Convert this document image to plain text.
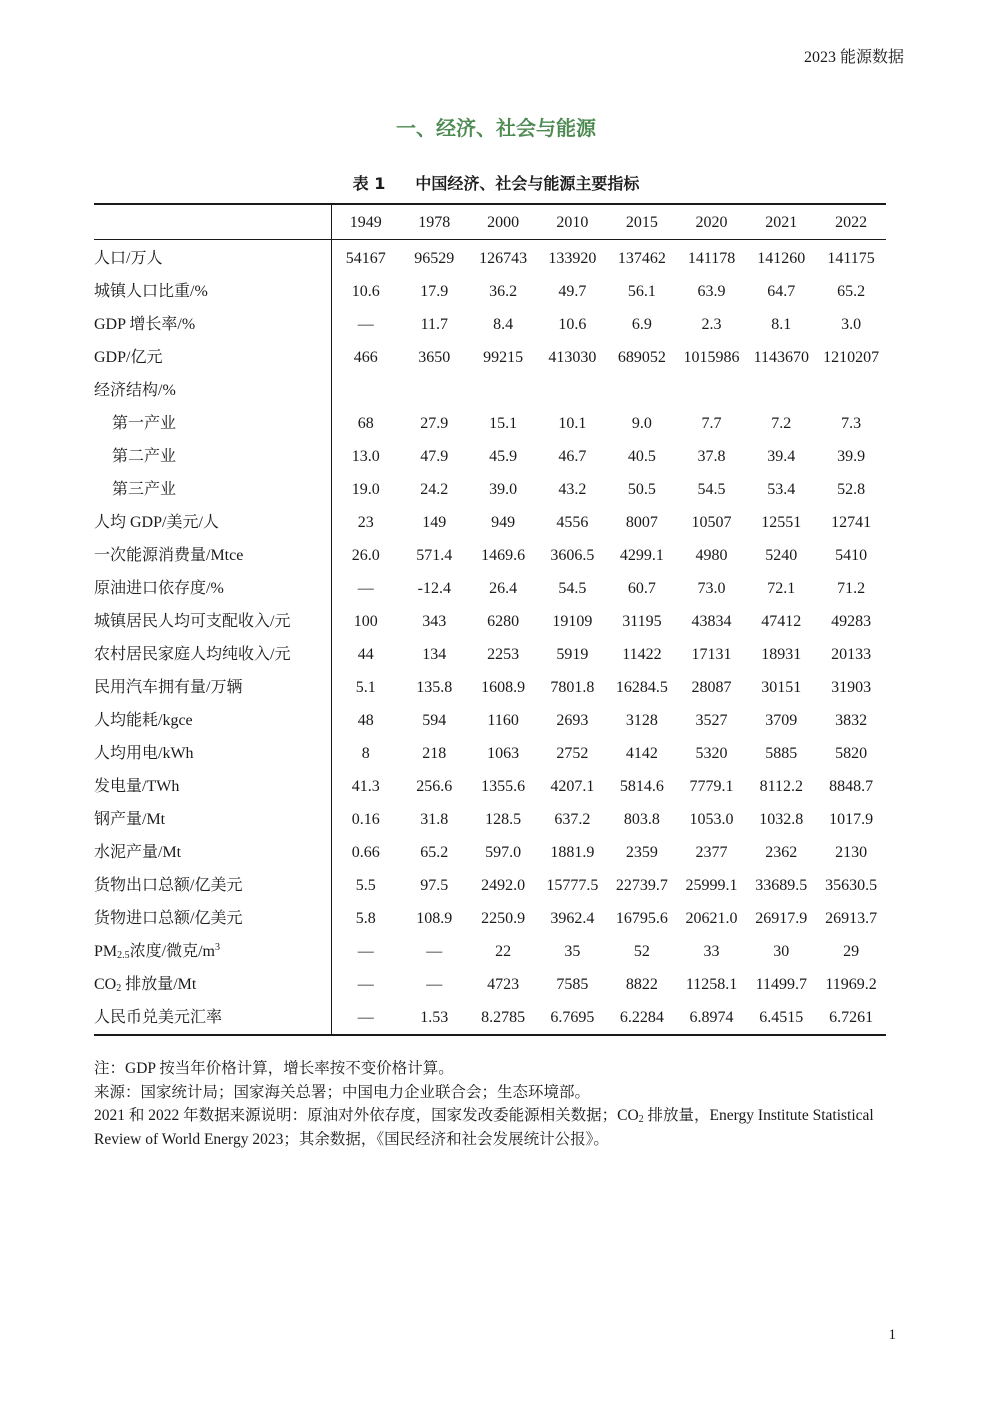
2023 能源数据
一、经济、社会与能源
表 1 中国经济、社会与能源主要指标
	1949	1978	2000	2010	2015	2020	2021	2022
人口/万人	54167	96529	126743	133920	137462	141178	141260	141175
城镇人口比重/%	10.6	17.9	36.2	49.7	56.1	63.9	64.7	65.2
GDP 增长率/%	—	11.7	8.4	10.6	6.9	2.3	8.1	3.0
GDP/亿元	466	3650	99215	413030	689052	1015986	1143670	1210207
经济结构/%								
第一产业	68	27.9	15.1	10.1	9.0	7.7	7.2	7.3
第二产业	13.0	47.9	45.9	46.7	40.5	37.8	39.4	39.9
第三产业	19.0	24.2	39.0	43.2	50.5	54.5	53.4	52.8
人均 GDP/美元/人	23	149	949	4556	8007	10507	12551	12741
一次能源消费量/Mtce	26.0	571.4	1469.6	3606.5	4299.1	4980	5240	5410
原油进口依存度/%	—	-12.4	26.4	54.5	60.7	73.0	72.1	71.2
城镇居民人均可支配收入/元	100	343	6280	19109	31195	43834	47412	49283
农村居民家庭人均纯收入/元	44	134	2253	5919	11422	17131	18931	20133
民用汽车拥有量/万辆	5.1	135.8	1608.9	7801.8	16284.5	28087	30151	31903
人均能耗/kgce	48	594	1160	2693	3128	3527	3709	3832
人均用电/kWh	8	218	1063	2752	4142	5320	5885	5820
发电量/TWh	41.3	256.6	1355.6	4207.1	5814.6	7779.1	8112.2	8848.7
钢产量/Mt	0.16	31.8	128.5	637.2	803.8	1053.0	1032.8	1017.9
水泥产量/Mt	0.66	65.2	597.0	1881.9	2359	2377	2362	2130
货物出口总额/亿美元	5.5	97.5	2492.0	15777.5	22739.7	25999.1	33689.5	35630.5
货物进口总额/亿美元	5.8	108.9	2250.9	3962.4	16795.6	20621.0	26917.9	26913.7
$PM_{2.5}$浓度/微克$/m^3$	—	—	22	35	52	33	30	29
$CO_2$ 排放量/Mt	—	—	4723	7585	8822	11258.1	11499.7	11969.2
人民币兑美元汇率	—	1.53	8.2785	6.7695	6.2284	6.8974	6.4515	6.7261
注：GDP 按当年价格计算，增长率按不变价格计算。
来源：国家统计局；国家海关总署；中国电力企业联合会；生态环境部。
2021 和 2022 年数据来源说明：原油对外依存度，国家发改委能源相关数据；$CO_2$ 排放量，Energy Institute Statistical Review of World Energy 2023；其余数据，《国民经济和社会发展统计公报》。
1
